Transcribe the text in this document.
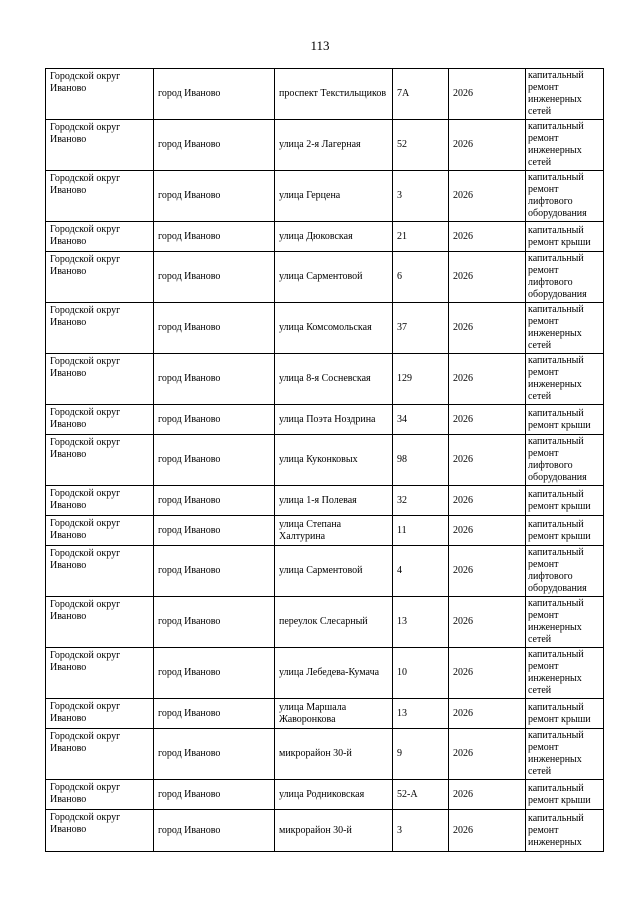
113
Городской округ Иваново	город Иваново	проспект Текстильщиков	7А	2026	капитальный ремонт инженерных сетей
Городской округ Иваново	город Иваново	улица 2-я Лагерная	52	2026	капитальный ремонт инженерных сетей
Городской округ Иваново	город Иваново	улица Герцена	3	2026	капитальный ремонт лифтового оборудования
Городской округ Иваново	город Иваново	улица Дюковская	21	2026	капитальный ремонт крыши
Городской округ Иваново	город Иваново	улица Сарментовой	6	2026	капитальный ремонт лифтового оборудования
Городской округ Иваново	город Иваново	улица Комсомольская	37	2026	капитальный ремонт инженерных сетей
Городской округ Иваново	город Иваново	улица 8-я Сосневская	129	2026	капитальный ремонт инженерных сетей
Городской округ Иваново	город Иваново	улица Поэта Ноздрина	34	2026	капитальный ремонт крыши
Городской округ Иваново	город Иваново	улица Куконковых	98	2026	капитальный ремонт лифтового оборудования
Городской округ Иваново	город Иваново	улица 1-я Полевая	32	2026	капитальный ремонт крыши
Городской округ Иваново	город Иваново	улица Степана Халтурина	11	2026	капитальный ремонт крыши
Городской округ Иваново	город Иваново	улица Сарментовой	4	2026	капитальный ремонт лифтового оборудования
Городской округ Иваново	город Иваново	переулок Слесарный	13	2026	капитальный ремонт инженерных сетей
Городской округ Иваново	город Иваново	улица Лебедева-Кумача	10	2026	капитальный ремонт инженерных сетей
Городской округ Иваново	город Иваново	улица Маршала Жаворонкова	13	2026	капитальный ремонт крыши
Городской округ Иваново	город Иваново	микрорайон 30-й	9	2026	капитальный ремонт инженерных сетей
Городской округ Иваново	город Иваново	улица Родниковская	52-А	2026	капитальный ремонт крыши
Городской округ Иваново	город Иваново	микрорайон 30-й	3	2026	капитальный ремонт инженерных
